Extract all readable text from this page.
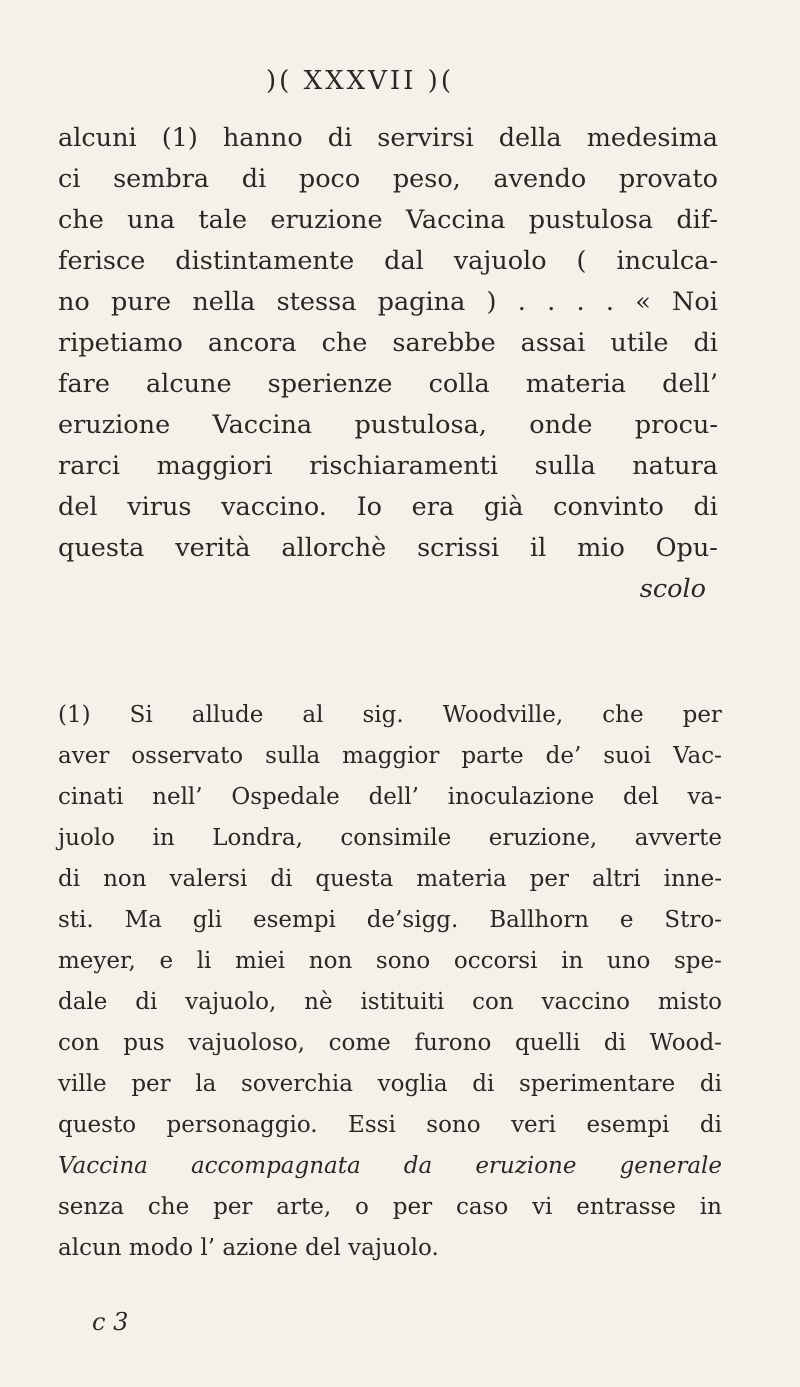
)( XXXVII )(
alcuni (1) hanno di servirsi della medesima
ci sembra di poco peso, avendo provato
che una tale eruzione Vaccina pustulosa dif-
ferisce distintamente dal vajuolo ( inculca-
no pure nella stessa pagina ) . . . . « Noi
ripetiamo ancora che sarebbe assai utile di
fare alcune sperienze colla materia dell’
eruzione Vaccina pustulosa, onde procu-
rarci maggiori rischiaramenti sulla natura
del virus vaccino. Io era già convinto di
questa verità allorchè scrissi il mio Opu-
scolo
(1) Si allude al sig. Woodville, che per
aver osservato sulla maggior parte de’ suoi Vac-
cinati nell’ Ospedale dell’ inoculazione del va-
juolo in Londra, consimile eruzione, avverte
di non valersi di questa materia per altri inne-
sti. Ma gli esempi de’sigg. Ballhorn e Stro-
meyer, e li miei non sono occorsi in uno spe-
dale di vajuolo, nè istituiti con vaccino misto
con pus vajuoloso, come furono quelli di Wood-
ville per la soverchia voglia di sperimentare di
questo personaggio. Essi sono veri esempi di
Vaccina accompagnata da eruzione generale
senza che per arte, o per caso vi entrasse in
alcun modo l’ azione del vajuolo.
c 3
